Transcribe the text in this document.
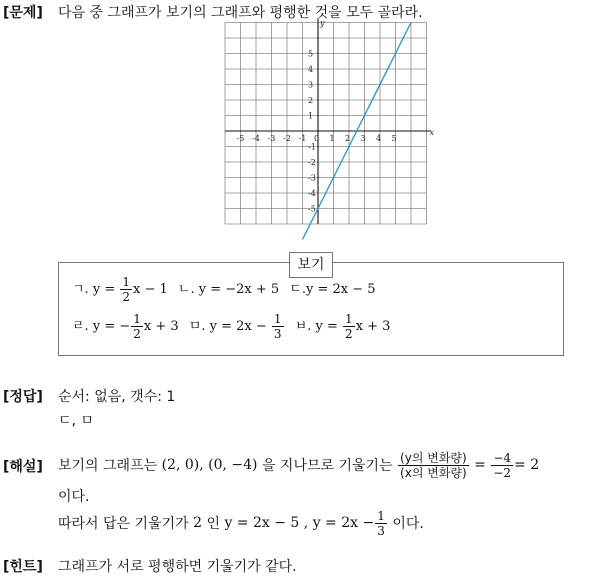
[문제] 다음 중 그래프가 보기의 그래프와 평행한 것을 모두 골라라.
x
y
-5 -4 -3 -2 -1 0 1 2 3 4 5
5
4
3
2
1
-1
-2
-3
-4
-5
보기
ㄱ. $y = \frac{1}{2}$ x − 1 ㄴ. y = −2x + 5 ㄷ.y = 2x − 5
ㄹ. y = − $\frac{1}{2}$ x + 3 ㅁ. $y = 2x - \frac{1}{3}$ ㅂ. $y = \frac{1}{2}$ x + 3
[정답] 순서: 없음, 갯수: 1
ㄷ, ㅁ
[해설] 보기의 그래프는
(2, 0), (0, −4)
을 지나므로 기울기는
$\frac{\text{(y의 변화량)}}{\text{(x의 변화량)}} = \frac{-4}{-2} = 2$
이다.
따라서 답은 기울기가
2
인
y = 2x − 5
,
$y = 2x - \frac{1}{3}$
이다.
[힌트] 그래프가 서로 평행하면 기울기가 같다.
